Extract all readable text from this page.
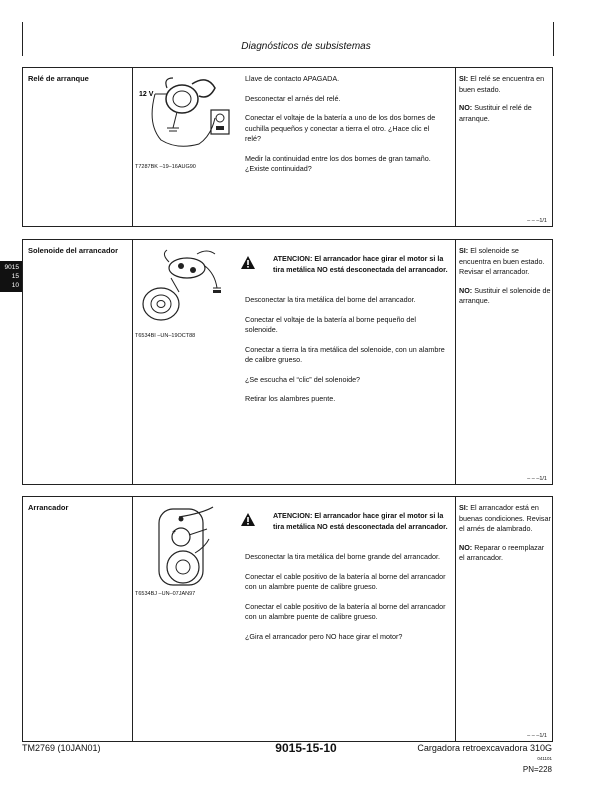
Diagnósticos de subsistemas
9015
15
10
Relé de arranque
12 V
T7287BK –19–16AUG90

Llave de contacto APAGADA.

Desconectar el arnés del relé.

Conectar el voltaje de la batería a uno de los dos bornes de cuchilla pequeños y conectar a tierra el otro. ¿Hace clic el relé?

Medir la continuidad entre los dos bornes de gran tamaño. ¿Existe continuidad?

SI: El relé se encuentra en buen estado.

NO: Sustituir el relé de arranque.

– – –1/1
Solenoide del arrancador
T6534BI –UN–19OCT88
ATENCION: El arrancador hace girar el motor si la tira metálica NO está desconectada del arrancador.

Desconectar la tira metálica del borne del arrancador.

Conectar el voltaje de la batería al borne pequeño del solenoide.

Conectar a tierra la tira metálica del solenoide, con un alambre de calibre grueso.

¿Se escucha el “clic” del solenoide?

Retirar los alambres puente.

SI: El solenoide se encuentra en buen estado. Revisar el arrancador.

NO: Sustituir el solenoide de arranque.

– – –1/1
Arrancador
+
T6534BJ –UN–07JAN97
ATENCION: El arrancador hace girar el motor si la tira metálica NO está desconectada del arrancador.

Desconectar la tira metálica del borne grande del arrancador.

Conectar el cable positivo de la batería al borne del arrancador con un alambre puente de calibre grueso.

Conectar el cable positivo de la batería al borne del arrancador con un alambre puente de calibre grueso.

¿Gira el arrancador pero NO hace girar el motor?

SI: El arrancador está en buenas condiciones. Revisar el arnés de alambrado.

NO: Reparar o reemplazar el arrancador.

– – –1/1
TM2769 (10JAN01)	9015-15-10	Cargadora retroexcavadora 310G
041101
PN=228
